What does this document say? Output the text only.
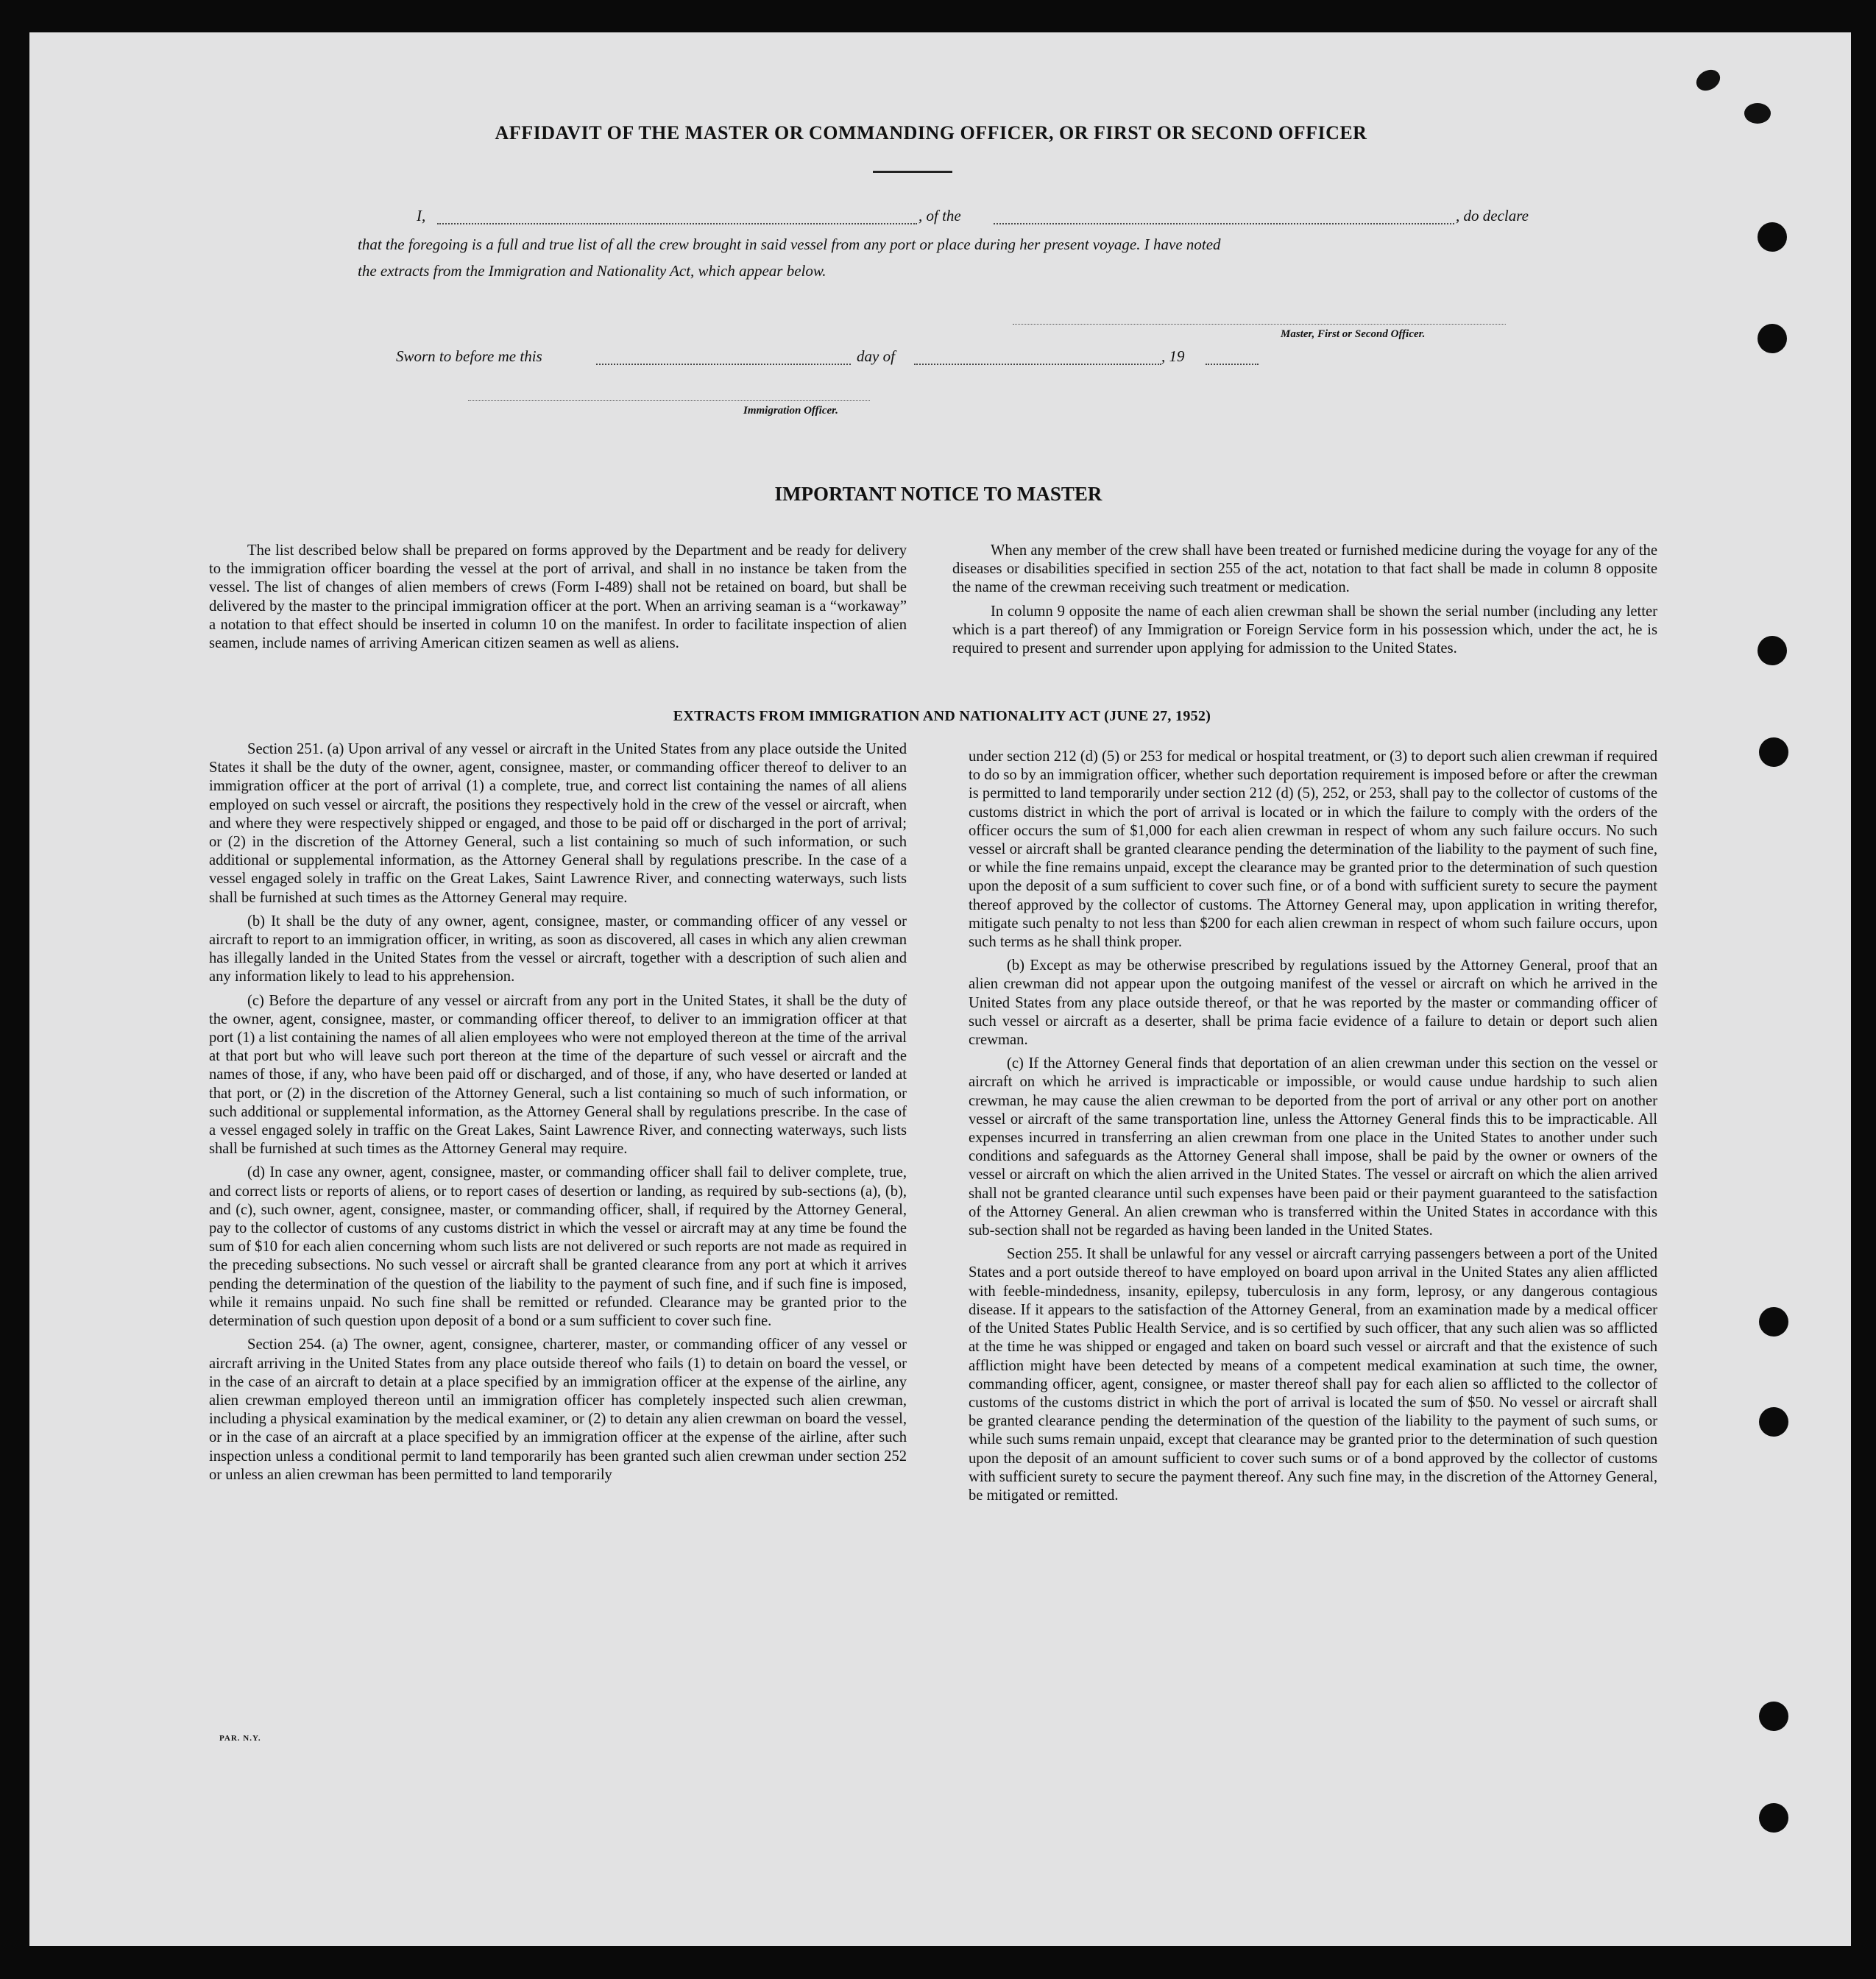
AFFIDAVIT OF THE MASTER OR COMMANDING OFFICER, OR FIRST OR SECOND OFFICER
I,	, of the	, do declare
that the foregoing is a full and true list of all the crew brought in said vessel from any port or place during her present voyage. I have noted
the extracts from the Immigration and Nationality Act, which appear below.
Master, First or Second Officer.
Sworn to before me this	day of	, 19
Immigration Officer.
IMPORTANT NOTICE TO MASTER

The list described below shall be prepared on forms approved by the Department and be ready for delivery to the immigration officer boarding the vessel at the port of arrival, and shall in no instance be taken from the vessel. The list of changes of alien members of crews (Form I-489) shall not be retained on board, but shall be delivered by the master to the principal immigration officer at the port. When an arriving seaman is a “workaway” a notation to that effect should be inserted in column 10 on the manifest. In order to facilitate inspection of alien seamen, include names of arriving American citizen seamen as well as aliens.

When any member of the crew shall have been treated or furnished medicine during the voyage for any of the diseases or disabilities specified in section 255 of the act, notation to that fact shall be made in column 8 opposite the name of the crewman receiving such treatment or medication.

In column 9 opposite the name of each alien crewman shall be shown the serial number (including any letter which is a part thereof) of any Immigration or Foreign Service form in his possession which, under the act, he is required to present and surrender upon applying for admission to the United States.

EXTRACTS FROM IMMIGRATION AND NATIONALITY ACT (JUNE 27, 1952)

Section 251. (a) Upon arrival of any vessel or aircraft in the United States from any place outside the United States it shall be the duty of the owner, agent, consignee, master, or commanding officer thereof to deliver to an immigration officer at the port of arrival (1) a complete, true, and correct list containing the names of all aliens employed on such vessel or aircraft, the positions they respectively hold in the crew of the vessel or aircraft, when and where they were respectively shipped or engaged, and those to be paid off or discharged in the port of arrival; or (2) in the discretion of the Attorney General, such a list containing so much of such information, or such additional or supplemental information, as the Attorney General shall by regulations prescribe. In the case of a vessel engaged solely in traffic on the Great Lakes, Saint Lawrence River, and connecting waterways, such lists shall be furnished at such times as the Attorney General may require.

(b) It shall be the duty of any owner, agent, consignee, master, or commanding officer of any vessel or aircraft to report to an immigration officer, in writing, as soon as discovered, all cases in which any alien crewman has illegally landed in the United States from the vessel or aircraft, together with a description of such alien and any information likely to lead to his apprehension.

(c) Before the departure of any vessel or aircraft from any port in the United States, it shall be the duty of the owner, agent, consignee, master, or commanding officer thereof, to deliver to an immigration officer at that port (1) a list containing the names of all alien employees who were not employed thereon at the time of the arrival at that port but who will leave such port thereon at the time of the departure of such vessel or aircraft and the names of those, if any, who have been paid off or discharged, and of those, if any, who have deserted or landed at that port, or (2) in the discretion of the Attorney General, such a list containing so much of such information, or such additional or supplemental information, as the Attorney General shall by regulations prescribe. In the case of a vessel engaged solely in traffic on the Great Lakes, Saint Lawrence River, and connecting waterways, such lists shall be furnished at such times as the Attorney General may require.

(d) In case any owner, agent, consignee, master, or commanding officer shall fail to deliver complete, true, and correct lists or reports of aliens, or to report cases of desertion or landing, as required by sub-sections (a), (b), and (c), such owner, agent, consignee, master, or commanding officer, shall, if required by the Attorney General, pay to the collector of customs of any customs district in which the vessel or aircraft may at any time be found the sum of $10 for each alien concerning whom such lists are not delivered or such reports are not made as required in the preceding subsections. No such vessel or aircraft shall be granted clearance from any port at which it arrives pending the determination of the question of the liability to the payment of such fine, and if such fine is imposed, while it remains unpaid. No such fine shall be remitted or refunded. Clearance may be granted prior to the determination of such question upon deposit of a bond or a sum sufficient to cover such fine.

Section 254. (a) The owner, agent, consignee, charterer, master, or commanding officer of any vessel or aircraft arriving in the United States from any place outside thereof who fails (1) to detain on board the vessel, or in the case of an aircraft to detain at a place specified by an immigration officer at the expense of the airline, any alien crewman employed thereon until an immigration officer has completely inspected such alien crewman, including a physical examination by the medical examiner, or (2) to detain any alien crewman on board the vessel, or in the case of an aircraft at a place specified by an immigration officer at the expense of the airline, after such inspection unless a conditional permit to land temporarily has been granted such alien crewman under section 252 or unless an alien crewman has been permitted to land temporarily

under section 212 (d) (5) or 253 for medical or hospital treatment, or (3) to deport such alien crewman if required to do so by an immigration officer, whether such deportation requirement is imposed before or after the crewman is permitted to land temporarily under section 212 (d) (5), 252, or 253, shall pay to the collector of customs of the customs district in which the port of arrival is located or in which the failure to comply with the orders of the officer occurs the sum of $1,000 for each alien crewman in respect of whom any such failure occurs. No such vessel or aircraft shall be granted clearance pending the determination of the liability to the payment of such fine, or while the fine remains unpaid, except the clearance may be granted prior to the determination of such question upon the deposit of a sum sufficient to cover such fine, or of a bond with sufficient surety to secure the payment thereof approved by the collector of customs. The Attorney General may, upon application in writing therefor, mitigate such penalty to not less than $200 for each alien crewman in respect of whom such failure occurs, upon such terms as he shall think proper.

(b) Except as may be otherwise prescribed by regulations issued by the Attorney General, proof that an alien crewman did not appear upon the outgoing manifest of the vessel or aircraft on which he arrived in the United States from any place outside thereof, or that he was reported by the master or commanding officer of such vessel or aircraft as a deserter, shall be prima facie evidence of a failure to detain or deport such alien crewman.

(c) If the Attorney General finds that deportation of an alien crewman under this section on the vessel or aircraft on which he arrived is impracticable or impossible, or would cause undue hardship to such alien crewman, he may cause the alien crewman to be deported from the port of arrival or any other port on another vessel or aircraft of the same transportation line, unless the Attorney General finds this to be impracticable. All expenses incurred in transferring an alien crewman from one place in the United States to another under such conditions and safeguards as the Attorney General shall impose, shall be paid by the owner or owners of the vessel or aircraft on which the alien arrived in the United States. The vessel or aircraft on which the alien arrived shall not be granted clearance until such expenses have been paid or their payment guaranteed to the satisfaction of the Attorney General. An alien crewman who is transferred within the United States in accordance with this sub-section shall not be regarded as having been landed in the United States.

Section 255. It shall be unlawful for any vessel or aircraft carrying passengers between a port of the United States and a port outside thereof to have employed on board upon arrival in the United States any alien afflicted with feeble-mindedness, insanity, epilepsy, tuberculosis in any form, leprosy, or any dangerous contagious disease. If it appears to the satisfaction of the Attorney General, from an examination made by a medical officer of the United States Public Health Service, and is so certified by such officer, that any such alien was so afflicted at the time he was shipped or engaged and taken on board such vessel or aircraft and that the existence of such affliction might have been detected by means of a competent medical examination at such time, the owner, commanding officer, agent, consignee, or master thereof shall pay for each alien so afflicted to the collector of customs of the customs district in which the port of arrival is located the sum of $50. No vessel or aircraft shall be granted clearance pending the determination of the question of the liability to the payment of such sums, or while such sums remain unpaid, except that clearance may be granted prior to the determination of such question upon the deposit of an amount sufficient to cover such sums or of a bond approved by the collector of customs with sufficient surety to secure the payment thereof. Any such fine may, in the discretion of the Attorney General, be mitigated or remitted.

PAR. N.Y.
